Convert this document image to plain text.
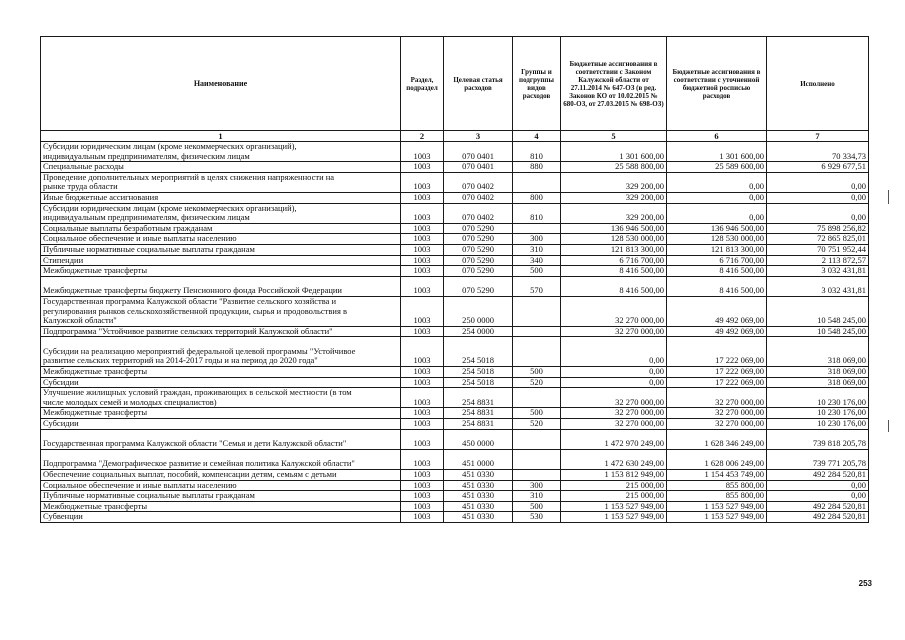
Наименование	Раздел, подраздел	Целевая статья расходов	Группы и подгруппы видов расходов	Бюджетные ассигнования в соответствии с Законом Калужской области от 27.11.2014 № 647-ОЗ (в ред. Законов КО от 10.02.2015 № 680-ОЗ, от 27.03.2015 № 698-ОЗ)	Бюджетные ассигнования в соответствии с уточненной бюджетной росписью расходов	Исполнено
1	2	3	4	5	6	7
Субсидии юридическим лицам (кроме некоммерческих организаций),
индивидуальным предпринимателям, физическим лицам	1003	070 0401	810	1 301 600,00	1 301 600,00	70 334,73
Специальные расходы	1003	070 0401	880	25 588 800,00	25 589 600,00	6 929 677,51
Проведение дополнительных мероприятий в целях снижения напряженности на
рынке труда области	1003	070 0402		329 200,00	0,00	0,00
Иные бюджетные ассигнования	1003	070 0402	800	329 200,00	0,00	0,00
Субсидии юридическим лицам (кроме некоммерческих организаций),
индивидуальным предпринимателям, физическим лицам	1003	070 0402	810	329 200,00	0,00	0,00
Социальные выплаты безработным гражданам	1003	070 5290		136 946 500,00	136 946 500,00	75 898 256,82
Социальное обеспечение и иные выплаты населению	1003	070 5290	300	128 530 000,00	128 530 000,00	72 865 825,01
Публичные нормативные социальные выплаты гражданам	1003	070 5290	310	121 813 300,00	121 813 300,00	70 751 952,44
Стипендии	1003	070 5290	340	6 716 700,00	6 716 700,00	2 113 872,57
Межбюджетные трансферты	1003	070 5290	500	8 416 500,00	8 416 500,00	3 032 431,81

Межбюджетные трансферты бюджету Пенсионного фонда Российской Федерации	1003	070 5290	570	8 416 500,00	8 416 500,00	3 032 431,81
Государственная программа Калужской области "Развитие сельского хозяйства и
регулирования рынков сельскохозяйственной продукции, сырья и продовольствия в
Калужской области"	1003	250 0000		32 270 000,00	49 492 069,00	10 548 245,00
Подпрограмма "Устойчивое развитие сельских территорий Калужской области"	1003	254 0000		32 270 000,00	49 492 069,00	10 548 245,00

Субсидии на реализацию мероприятий федеральной целевой программы "Устойчивое
развитие сельских территорий на 2014-2017 годы и на период до 2020 года"	1003	254 5018		0,00	17 222 069,00	318 069,00
Межбюджетные трансферты	1003	254 5018	500	0,00	17 222 069,00	318 069,00
Субсидии	1003	254 5018	520	0,00	17 222 069,00	318 069,00
Улучшение жилищных условий граждан, проживающих в сельской местности (в том
числе молодых семей и молодых специалистов)	1003	254 8831		32 270 000,00	32 270 000,00	10 230 176,00
Межбюджетные трансферты	1003	254 8831	500	32 270 000,00	32 270 000,00	10 230 176,00
Субсидии	1003	254 8831	520	32 270 000,00	32 270 000,00	10 230 176,00

Государственная программа Калужской области "Семья и дети Калужской области"	1003	450 0000		1 472 970 249,00	1 628 346 249,00	739 818 205,78

Подпрограмма "Демографическое развитие и семейная политика Калужской области"	1003	451 0000		1 472 630 249,00	1 628 006 249,00	739 771 205,78
Обеспечение социальных выплат, пособий, компенсации детям, семьям с детьми	1003	451 0330		1 153 812 949,00	1 154 453 749,00	492 284 520,81
Социальное обеспечение и иные выплаты населению	1003	451 0330	300	215 000,00	855 800,00	0,00
Публичные нормативные социальные выплаты гражданам	1003	451 0330	310	215 000,00	855 800,00	0,00
Межбюджетные трансферты	1003	451 0330	500	1 153 527 949,00	1 153 527 949,00	492 284 520,81
Субвенции	1003	451 0330	530	1 153 527 949,00	1 153 527 949,00	492 284 520,81
253
